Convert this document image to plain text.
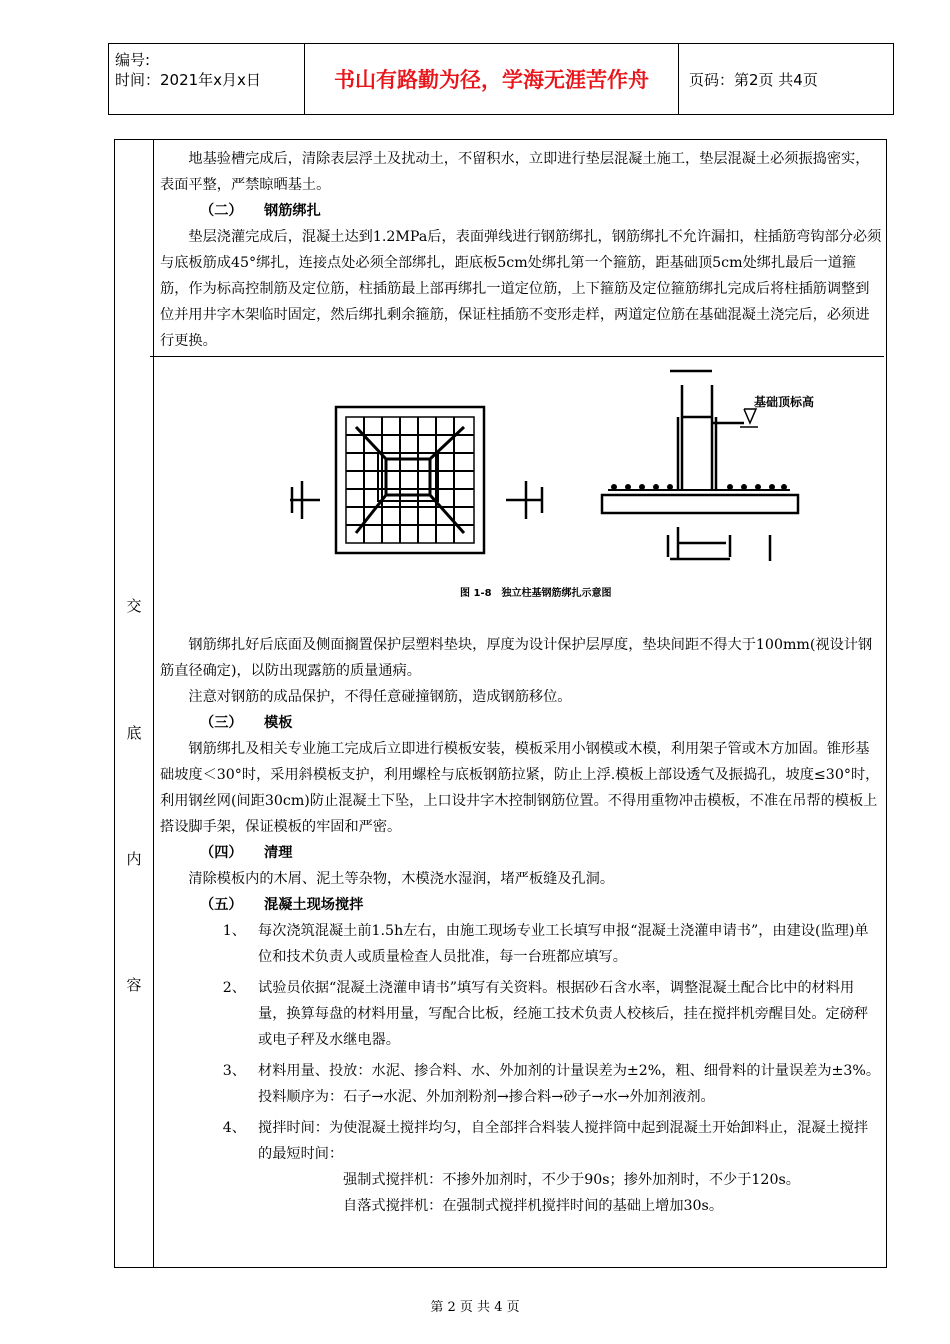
编号:
时间：2021年x月x日	书山有路勤为径，学海无涯苦作舟	页码：第2页 共4页
交
底
内
容

地基验槽完成后，清除表层浮土及扰动土，不留积水，立即进行垫层混凝土施工，垫层混凝土必须振捣密实，表面平整，严禁晾晒基土。

（二） 钢筋绑扎

垫层浇灌完成后，混凝土达到1.2MPa后，表面弹线进行钢筋绑扎，钢筋绑扎不允许漏扣，柱插筋弯钩部分必须与底板筋成45°绑扎，连接点处必须全部绑扎，距底板5cm处绑扎第一个箍筋，距基础顶5cm处绑扎最后一道箍筋，作为标高控制筋及定位筋，柱插筋最上部再绑扎一道定位筋，上下箍筋及定位箍筋绑扎完成后将柱插筋调整到位并用井字木架临时固定，然后绑扎剩余箍筋，保证柱插筋不变形走样，两道定位筋在基础混凝土浇完后，必须进行更换。

钢筋绑扎好后底面及侧面搁置保护层塑料垫块，厚度为设计保护层厚度，垫块间距不得大于100mm(视设计钢筋直径确定)，以防出现露筋的质量通病。

注意对钢筋的成品保护，不得任意碰撞钢筋，造成钢筋移位。

（三） 模板

钢筋绑扎及相关专业施工完成后立即进行模板安装，模板采用小钢模或木模，利用架子管或木方加固。锥形基础坡度＜30°时，采用斜模板支护，利用螺栓与底板钢筋拉紧，防止上浮.模板上部设透气及振捣孔，坡度≤30°时，利用钢丝网(间距30cm)防止混凝土下坠，上口设井字木控制钢筋位置。不得用重物冲击模板，不准在吊帮的模板上搭设脚手架，保证模板的牢固和严密。

（四） 清理

清除模板内的木屑、泥土等杂物，木模浇水湿润，堵严板缝及孔洞。

（五） 混凝土现场搅拌

1、 每次浇筑混凝土前1.5h左右，由施工现场专业工长填写申报“混凝土浇灌申请书”，由建设(监理)单位和技术负责人或质量检查人员批准，每一台班都应填写。
2、 试验员依据“混凝土浇灌申请书”填写有关资料。根据砂石含水率，调整混凝土配合比中的材料用量，换算每盘的材料用量，写配合比板，经施工技术负责人校核后，挂在搅拌机旁醒目处。定磅秤或电子秤及水继电器。
3、 材料用量、投放：水泥、掺合料、水、外加剂的计量误差为±2%，粗、细骨料的计量误差为±3%。投料顺序为：石子→水泥、外加剂粉剂→掺合料→砂子→水→外加剂液剂。
4、 搅拌时间：为使混凝土搅拌均匀，自全部拌合料装人搅拌筒中起到混凝土开始卸料止，混凝土搅拌的最短时间：

强制式搅拌机：不掺外加剂时，不少于90s；掺外加剂时，不少于120s。

自落式搅拌机：在强制式搅拌机搅拌时间的基础上增加30s。

基础顶标高
图 1-8　独立柱基钢筋绑扎示意图
第 2 页 共 4 页
